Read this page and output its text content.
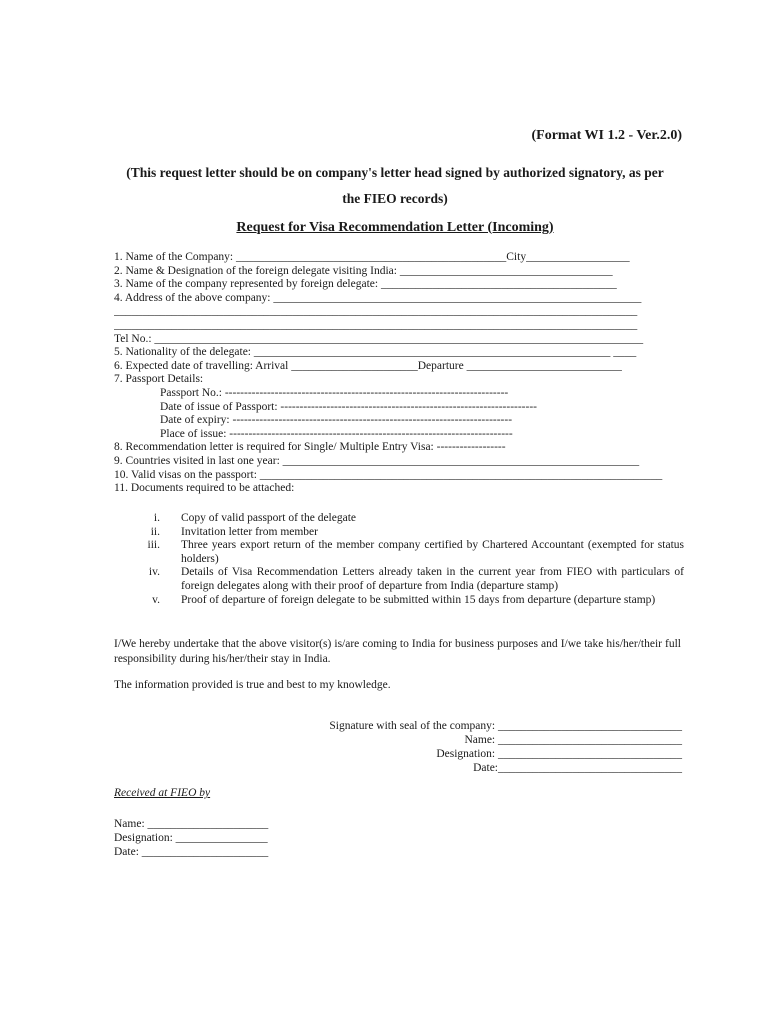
(Format WI 1.2 - Ver.2.0)
(This request letter should be on company's letter head signed by authorized signatory, as per
the FIEO records)
Request for Visa Recommendation Letter (Incoming)
1. Name of the Company: _______________________________________________City__________________
2. Name & Designation of the foreign delegate visiting India: _____________________________________
3. Name of the company represented by foreign delegate: _________________________________________
4. Address of the above company: ________________________________________________________________
___________________________________________________________________________________________
___________________________________________________________________________________________
Tel No.: _____________________________________________________________________________________
5. Nationality of the delegate: ______________________________________________________________ ____
6. Expected date of travelling: Arrival ______________________Departure ___________________________
7. Passport Details:
Passport No.: --------------------------------------------------------------------------
Date of issue of Passport: -------------------------------------------------------------------
Date of expiry: -------------------------------------------------------------------------
Place of issue: --------------------------------------------------------------------------
8. Recommendation letter is required for Single/ Multiple Entry Visa: ------------------
9. Countries visited in last one year: ______________________________________________________________
10. Valid visas on the passport: ______________________________________________________________________
11. Documents required to be attached:
i.	Copy of valid passport of the delegate
ii.	Invitation letter from member
iii.	Three years export return of the member company certified by Chartered Accountant (exempted for status holders)
iv.	Details of Visa Recommendation Letters already taken in the current year from FIEO with particulars of foreign delegates along with their proof of departure from India (departure stamp)
v.	Proof of departure of foreign delegate to be submitted within 15 days from departure (departure stamp)
I/We hereby undertake that the above visitor(s) is/are coming to India for business purposes and I/we take his/her/their full responsibility during his/her/their stay in India.
The information provided is true and best to my knowledge.
Signature with seal of the company: ________________________________
Name: ________________________________
Designation: ________________________________
Date:________________________________
Received at FIEO by
Name: _____________________
Designation: ________________
Date: ______________________
